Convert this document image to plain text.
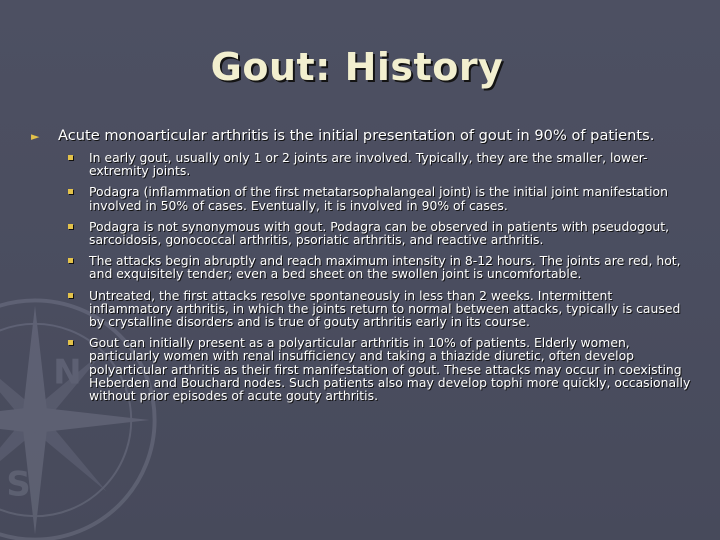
N
S
Gout: History
► Acute monoarticular arthritis is the initial presentation of gout in 90% of patients.
In early gout, usually only 1 or 2 joints are involved. Typically, they are the smaller, lower-extremity joints.
Podagra (inflammation of the first metatarsophalangeal joint) is the initial joint manifestation involved in 50% of cases. Eventually, it is involved in 90% of cases.
Podagra is not synonymous with gout. Podagra can be observed in patients with pseudogout, sarcoidosis, gonococcal arthritis, psoriatic arthritis, and reactive arthritis.
The attacks begin abruptly and reach maximum intensity in 8-12 hours. The joints are red, hot, and exquisitely tender; even a bed sheet on the swollen joint is uncomfortable.
Untreated, the first attacks resolve spontaneously in less than 2 weeks. Intermittent inflammatory arthritis, in which the joints return to normal between attacks, typically is caused by crystalline disorders and is true of gouty arthritis early in its course.
Gout can initially present as a polyarticular arthritis in 10% of patients. Elderly women, particularly women with renal insufficiency and taking a thiazide diuretic, often develop polyarticular arthritis as their first manifestation of gout. These attacks may occur in coexisting Heberden and Bouchard nodes. Such patients also may develop tophi more quickly, occasionally without prior episodes of acute gouty arthritis.
